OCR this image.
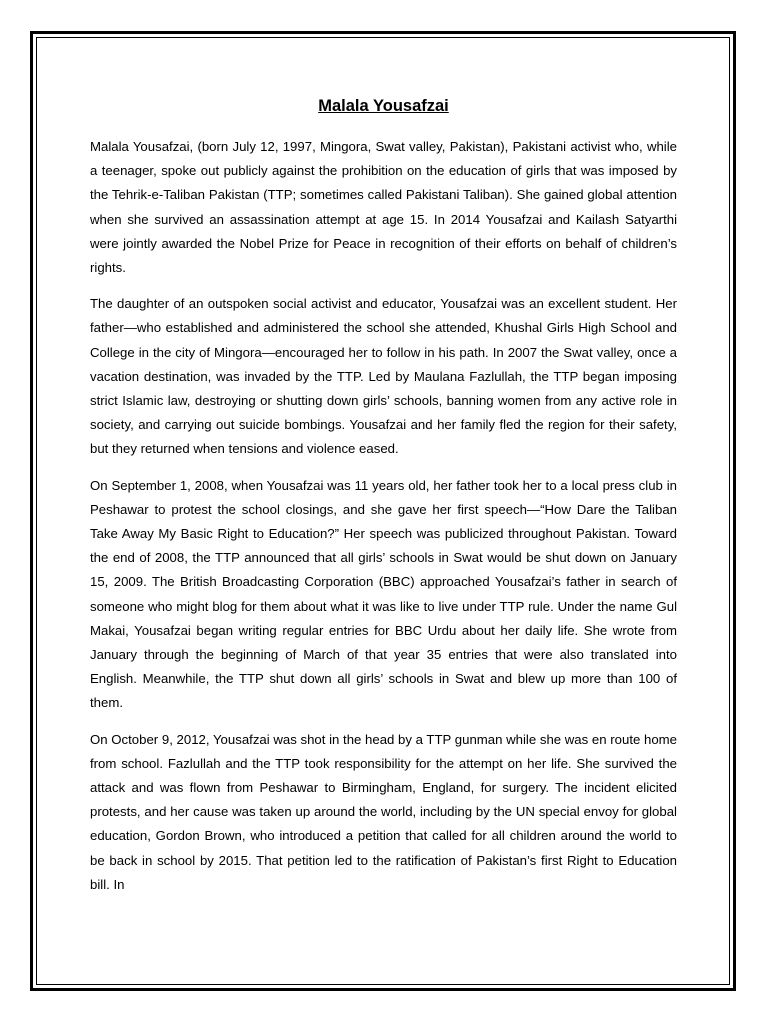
Malala Yousafzai

Malala Yousafzai, (born July 12, 1997, Mingora, Swat valley, Pakistan), Pakistani activist who, while a teenager, spoke out publicly against the prohibition on the education of girls that was imposed by the Tehrik-e-Taliban Pakistan (TTP; sometimes called Pakistani Taliban). She gained global attention when she survived an assassination attempt at age 15. In 2014 Yousafzai and Kailash Satyarthi were jointly awarded the Nobel Prize for Peace in recognition of their efforts on behalf of children’s rights.

The daughter of an outspoken social activist and educator, Yousafzai was an excellent student. Her father—who established and administered the school she attended, Khushal Girls High School and College in the city of Mingora—encouraged her to follow in his path. In 2007 the Swat valley, once a vacation destination, was invaded by the TTP. Led by Maulana Fazlullah, the TTP began imposing strict Islamic law, destroying or shutting down girls’ schools, banning women from any active role in society, and carrying out suicide bombings. Yousafzai and her family fled the region for their safety, but they returned when tensions and violence eased.

On September 1, 2008, when Yousafzai was 11 years old, her father took her to a local press club in Peshawar to protest the school closings, and she gave her first speech—“How Dare the Taliban Take Away My Basic Right to Education?” Her speech was publicized throughout Pakistan. Toward the end of 2008, the TTP announced that all girls’ schools in Swat would be shut down on January 15, 2009. The British Broadcasting Corporation (BBC) approached Yousafzai’s father in search of someone who might blog for them about what it was like to live under TTP rule. Under the name Gul Makai, Yousafzai began writing regular entries for BBC Urdu about her daily life. She wrote from January through the beginning of March of that year 35 entries that were also translated into English. Meanwhile, the TTP shut down all girls’ schools in Swat and blew up more than 100 of them.

On October 9, 2012, Yousafzai was shot in the head by a TTP gunman while she was en route home from school. Fazlullah and the TTP took responsibility for the attempt on her life. She survived the attack and was flown from Peshawar to Birmingham, England, for surgery. The incident elicited protests, and her cause was taken up around the world, including by the UN special envoy for global education, Gordon Brown, who introduced a petition that called for all children around the world to be back in school by 2015. That petition led to the ratification of Pakistan’s first Right to Education bill. In
